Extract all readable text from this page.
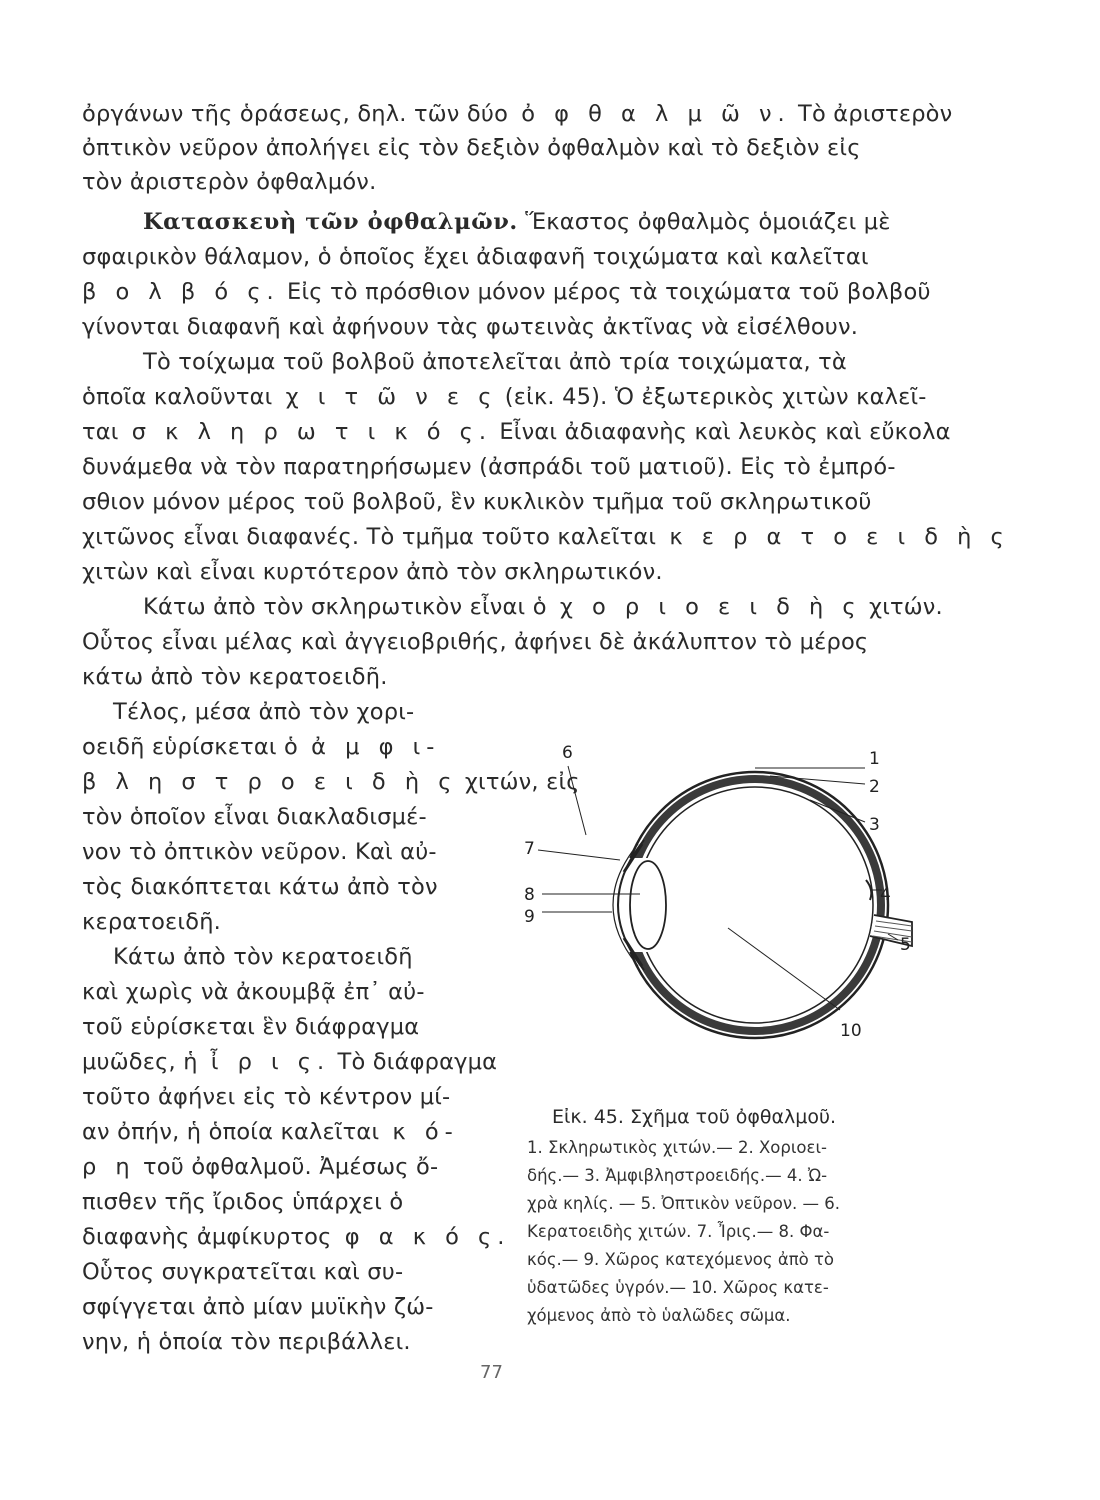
ὀργάνων τῆς ὁράσεως, δηλ. τῶν δύο ὀ φ θ α λ μ ῶ ν. Τὸ ἀριστερὸν
ὀπτικὸν νεῦρον ἀπολήγει εἰς τὸν δεξιὸν ὀφθαλμὸν καὶ τὸ δεξιὸν εἰς
τὸν ἀριστερὸν ὀφθαλμόν.
Κατασκευὴ τῶν ὀφθαλμῶν. Ἕκαστος ὀφθαλμὸς ὁμοιάζει μὲ
σφαιρικὸν θάλαμον, ὁ ὁποῖος ἔχει ἀδιαφανῆ τοιχώματα καὶ καλεῖται
β ο λ β ό ς. Εἰς τὸ πρόσθιον μόνον μέρος τὰ τοιχώματα τοῦ βολβοῦ
γίνονται διαφανῆ καὶ ἀφήνουν τὰς φωτεινὰς ἀκτῖνας νὰ εἰσέλθουν.
Τὸ τοίχωμα τοῦ βολβοῦ ἀποτελεῖται ἀπὸ τρία τοιχώματα, τὰ
ὁποῖα καλοῦνται χ ι τ ῶ ν ε ς (εἰκ. 45). Ὁ ἐξωτερικὸς χιτὼν καλεῖ-
ται σ κ λ η ρ ω τ ι κ ό ς. Εἶναι ἀδιαφανὴς καὶ λευκὸς καὶ εὔκολα
δυνάμεθα νὰ τὸν παρατηρήσωμεν (ἀσπράδι τοῦ ματιοῦ). Εἰς τὸ ἐμπρό-
σθιον μόνον μέρος τοῦ βολβοῦ, ἓν κυκλικὸν τμῆμα τοῦ σκληρωτικοῦ
χιτῶνος εἶναι διαφανές. Τὸ τμῆμα τοῦτο καλεῖται κ ε ρ α τ ο ε ι δ ὴ ς
χιτὼν καὶ εἶναι κυρτότερον ἀπὸ τὸν σκληρωτικόν.
Κάτω ἀπὸ τὸν σκληρωτικὸν εἶναι ὁ χ ο ρ ι ο ε ι δ ὴ ς χιτών.
Οὗτος εἶναι μέλας καὶ ἀγγειοβριθής, ἀφήνει δὲ ἀκάλυπτον τὸ μέρος
κάτω ἀπὸ τὸν κερατοειδῆ.
Τέλος, μέσα ἀπὸ τὸν χορι-
οειδῆ εὑρίσκεται ὁ ἀ μ φ ι-
β λ η σ τ ρ ο ε ι δ ὴ ς χιτών, εἰς
τὸν ὁποῖον εἶναι διακλαδισμέ-
νον τὸ ὀπτικὸν νεῦρον. Καὶ αὐ-
τὸς διακόπτεται κάτω ἀπὸ τὸν
κερατοειδῆ.
Κάτω ἀπὸ τὸν κερατοειδῆ
καὶ χωρὶς νὰ ἀκουμβᾷ ἐπ᾽ αὐ-
τοῦ εὑρίσκεται ἓν διάφραγμα
μυῶδες, ἡ ἶ ρ ι ς. Τὸ διάφραγμα
τοῦτο ἀφήνει εἰς τὸ κέντρον μί-
αν ὀπήν, ἡ ὁποία καλεῖται κ ό-
ρ η τοῦ ὀφθαλμοῦ. Ἀμέσως ὄ-
πισθεν τῆς ἴριδος ὑπάρχει ὁ
διαφανὴς ἀμφίκυρτος φ α κ ό ς.
Οὗτος συγκρατεῖται καὶ συ-
σφίγγεται ἀπὸ μίαν μυϊκὴν ζώ-
νην, ἡ ὁποία τὸν περιβάλλει.
1
2
3
4
5
6
7
8
9
10
Εἰκ. 45. Σχῆμα τοῦ ὀφθαλμοῦ.
1. Σκληρωτικὸς χιτών.— 2. Χοριοει-
δής.— 3. Ἀμφιβληστροειδής.— 4. Ὠ-
χρὰ κηλίς. — 5. Ὀπτικὸν νεῦρον. — 6.
Κερατοειδὴς χιτών. 7. Ἶρις.— 8. Φα-
κός.— 9. Χῶρος κατεχόμενος ἀπὸ τὸ
ὑδατῶδες ὑγρόν.— 10. Χῶρος κατε-
χόμενος ἀπὸ τὸ ὑαλῶδες σῶμα.
77
